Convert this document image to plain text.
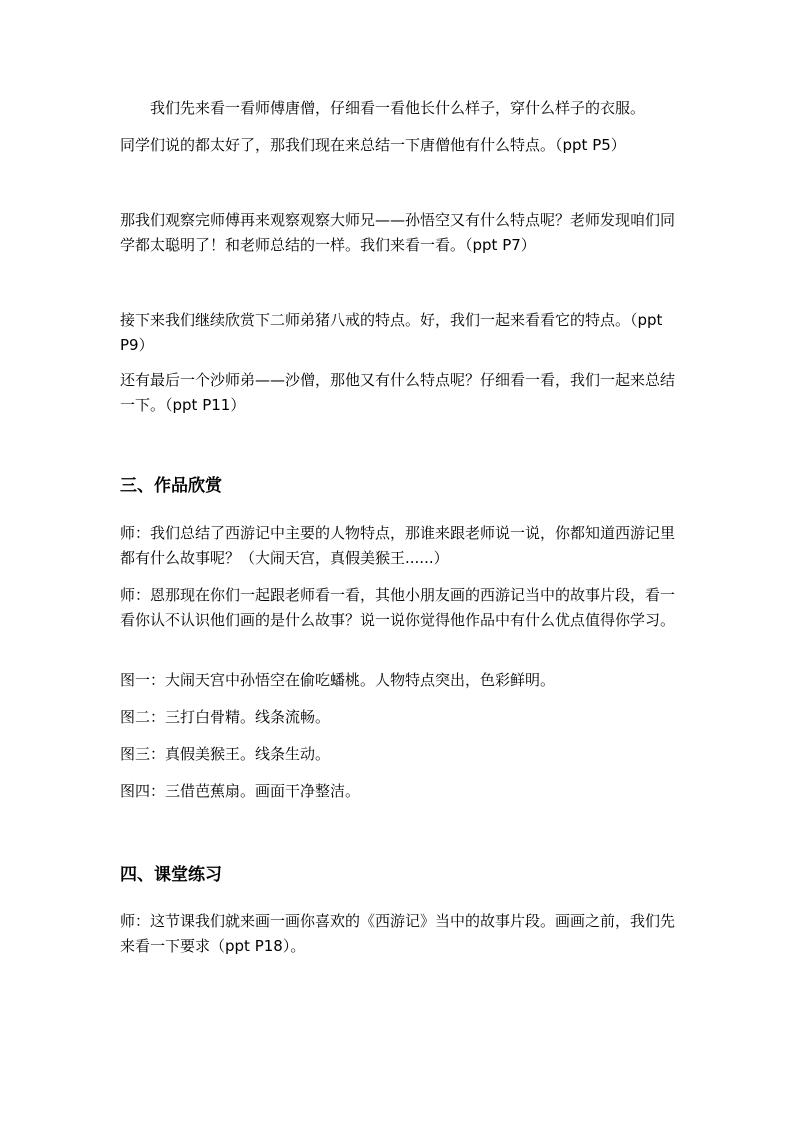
我们先来看一看师傅唐僧，仔细看一看他长什么样子，穿什么样子的衣服。

同学们说的都太好了，那我们现在来总结一下唐僧他有什么特点。（ppt P5）

那我们观察完师傅再来观察观察大师兄——孙悟空又有什么特点呢？老师发现咱们同学都太聪明了！和老师总结的一样。我们来看一看。（ppt P7）

接下来我们继续欣赏下二师弟猪八戒的特点。好，我们一起来看看它的特点。（ppt P9）

还有最后一个沙师弟——沙僧，那他又有什么特点呢？仔细看一看，我们一起来总结一下。（ppt P11）

三、作品欣赏

师：我们总结了西游记中主要的人物特点，那谁来跟老师说一说，你都知道西游记里都有什么故事呢？（大闹天宫，真假美猴王......）

师：恩那现在你们一起跟老师看一看，其他小朋友画的西游记当中的故事片段，看一看你认不认识他们画的是什么故事？说一说你觉得他作品中有什么优点值得你学习。

图一：大闹天宫中孙悟空在偷吃蟠桃。人物特点突出，色彩鲜明。

图二：三打白骨精。线条流畅。

图三：真假美猴王。线条生动。

图四：三借芭蕉扇。画面干净整洁。

四、课堂练习

师：这节课我们就来画一画你喜欢的《西游记》当中的故事片段。画画之前，我们先来看一下要求（ppt P18）。
